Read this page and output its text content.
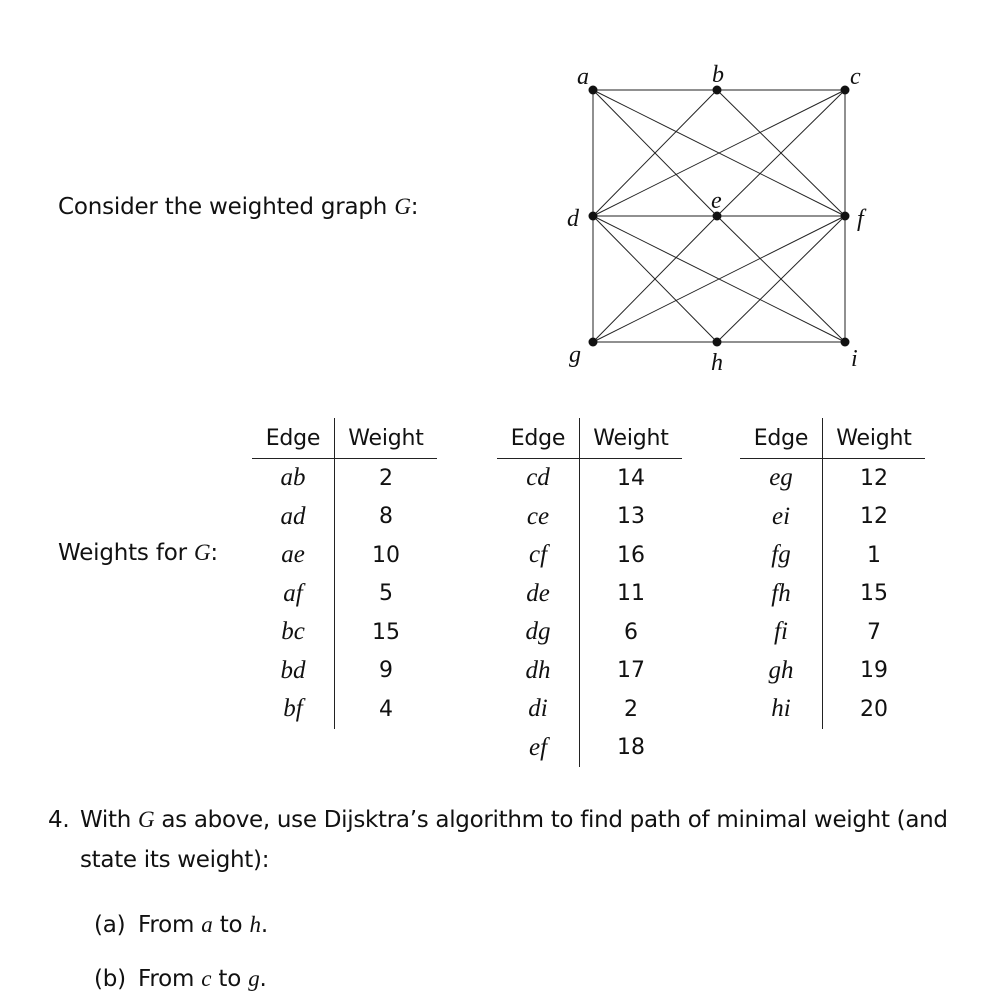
Consider the weighted graph G:
a	b	c
d
e
f
g	h	i
Weights for G:
Edge	Weight
ab	2
ad	8
ae	10
af	5
bc	15
bd	9
bf	4
Edge	Weight
cd	14
ce	13
cf	16
de	11
dg	6
dh	17
di	2
ef	18
Edge	Weight
eg	12
ei	12
fg	1
fh	15
fi	7
gh	19
hi	20
4. With G as above, use Dijsktra’s algorithm to find path of minimal weight (and state its weight):
(a) From a to h.
(b) From c to g.
